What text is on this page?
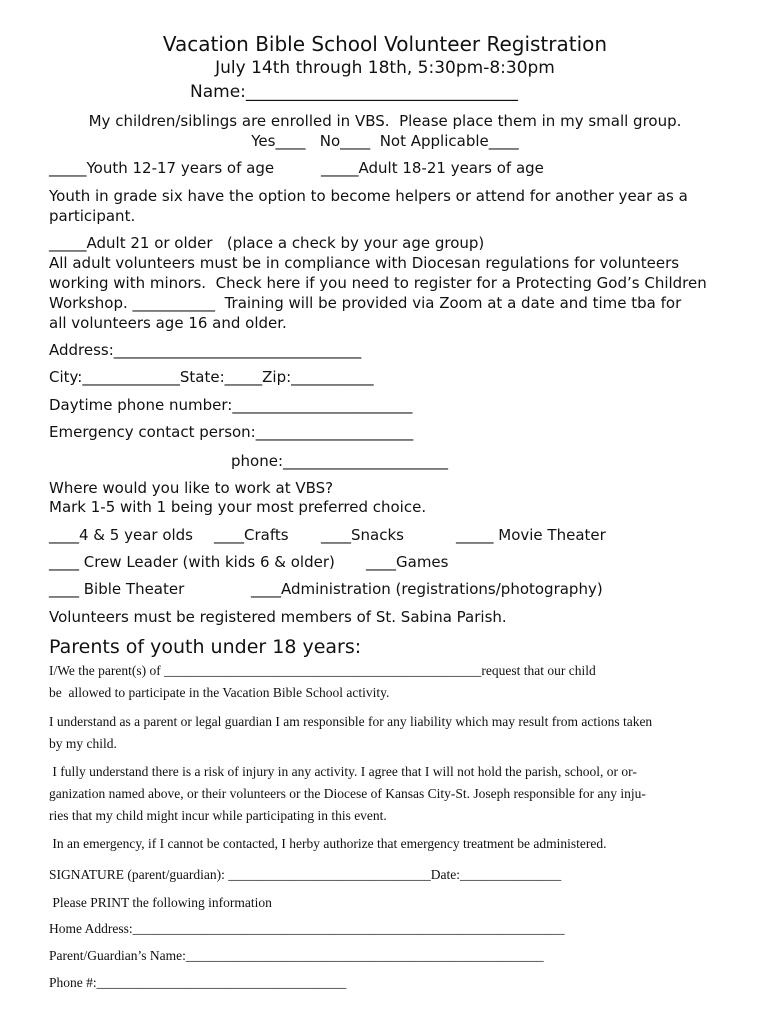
Vacation Bible School Volunteer Registration
July 14th through 18th, 5:30pm-8:30pm
Name:________________________________
My children/siblings are enrolled in VBS.  Please place them in my small group.
Yes____   No____  Not Applicable____
_____Youth 12-17 years of age	_____Adult 18-21 years of age
Youth in grade six have the option to become helpers or attend for another year as a
participant.
_____Adult 21 or older   (place a check by your age group)
All adult volunteers must be in compliance with Diocesan regulations for volunteers
working with minors.  Check here if you need to register for a Protecting God’s Children
Workshop. ___________  Training will be provided via Zoom at a date and time tba for
all volunteers age 16 and older.
Address:_________________________________
City:_____________State:_____Zip:___________
Daytime phone number:________________________
Emergency contact person:_____________________
phone:______________________
Where would you like to work at VBS?
Mark 1-5 with 1 being your most preferred choice.
____4 & 5 year olds ____Crafts ____Snacks	_____ Movie Theater
____ Crew Leader (with kids 6 & older) ____Games
____ Bible Theater	____Administration (registrations/photography)
Volunteers must be registered members of St. Sabina Parish.
Parents of youth under 18 years:
I/We the parent(s) of _______________________________________________request that our child
be  allowed to participate in the Vacation Bible School activity.
I understand as a parent or legal guardian I am responsible for any liability which may result from actions taken
by my child.
I fully understand there is a risk of injury in any activity. I agree that I will not hold the parish, school, or or-
ganization named above, or their volunteers or the Diocese of Kansas City-St. Joseph responsible for any inju-
ries that my child might incur while participating in this event.
In an emergency, if I cannot be contacted, I herby authorize that emergency treatment be administered.
SIGNATURE (parent/guardian): ______________________________Date:_______________
Please PRINT the following information
Home Address:________________________________________________________________
Parent/Guardian’s Name:_____________________________________________________
Phone #:_____________________________________
